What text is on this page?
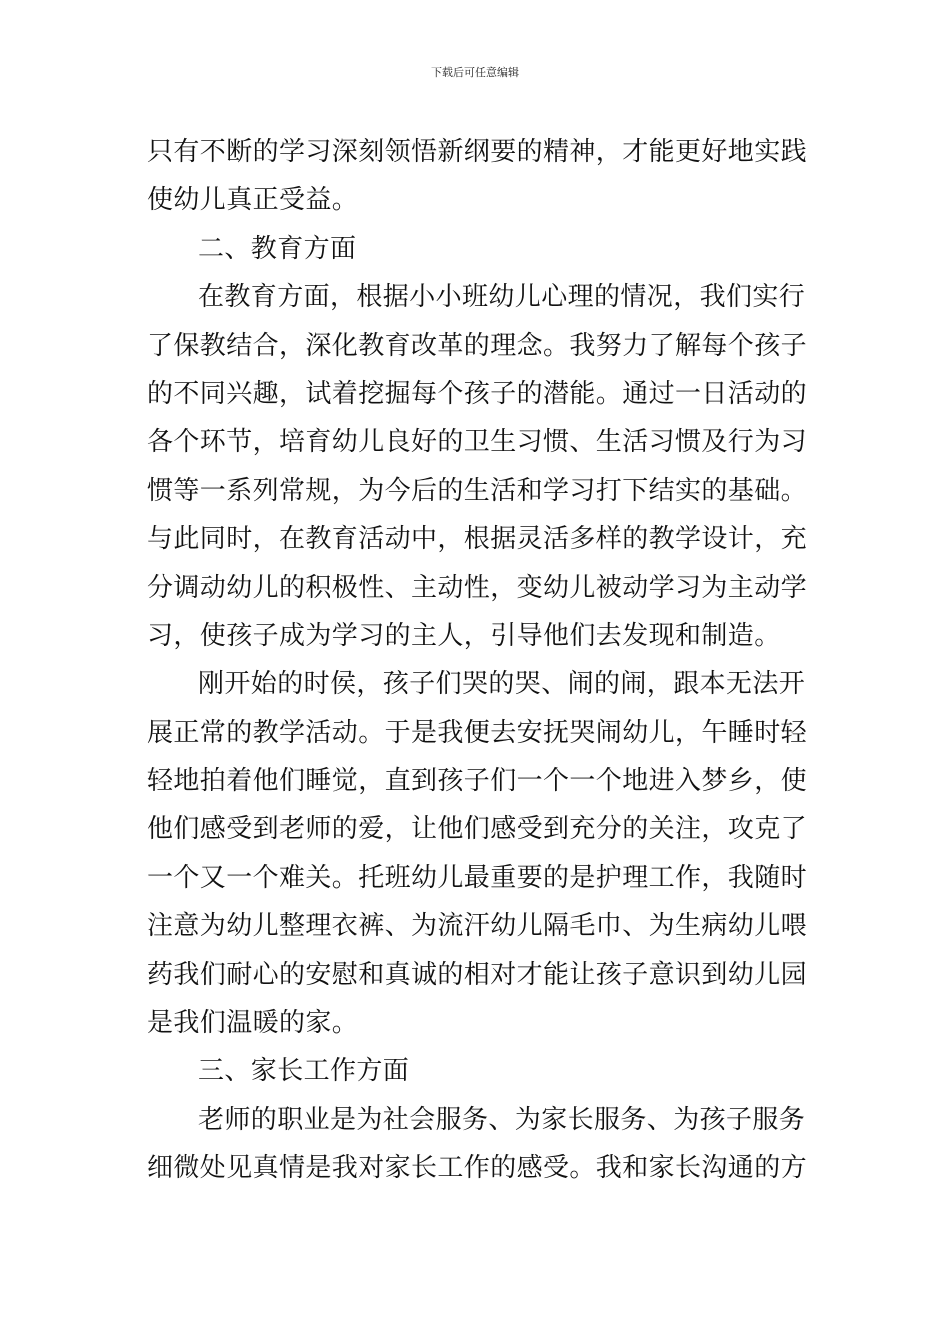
下载后可任意编辑
只有不断的学习深刻领悟新纲要的精神，才能更好地实践
使幼儿真正受益。
二、教育方面
在教育方面，根据小小班幼儿心理的情况，我们实行
了保教结合，深化教育改革的理念。我努力了解每个孩子
的不同兴趣，试着挖掘每个孩子的潜能。通过一日活动的
各个环节，培育幼儿良好的卫生习惯、生活习惯及行为习
惯等一系列常规，为今后的生活和学习打下结实的基础。
与此同时，在教育活动中，根据灵活多样的教学设计，充
分调动幼儿的积极性、主动性，变幼儿被动学习为主动学
习，使孩子成为学习的主人，引导他们去发现和制造。
刚开始的时侯，孩子们哭的哭、闹的闹，跟本无法开
展正常的教学活动。于是我便去安抚哭闹幼儿，午睡时轻
轻地拍着他们睡觉，直到孩子们一个一个地进入梦乡，使
他们感受到老师的爱，让他们感受到充分的关注，攻克了
一个又一个难关。托班幼儿最重要的是护理工作，我随时
注意为幼儿整理衣裤、为流汗幼儿隔毛巾、为生病幼儿喂
药我们耐心的安慰和真诚的相对才能让孩子意识到幼儿园
是我们温暖的家。
三、家长工作方面
老师的职业是为社会服务、为家长服务、为孩子服务
细微处见真情是我对家长工作的感受。我和家长沟通的方
